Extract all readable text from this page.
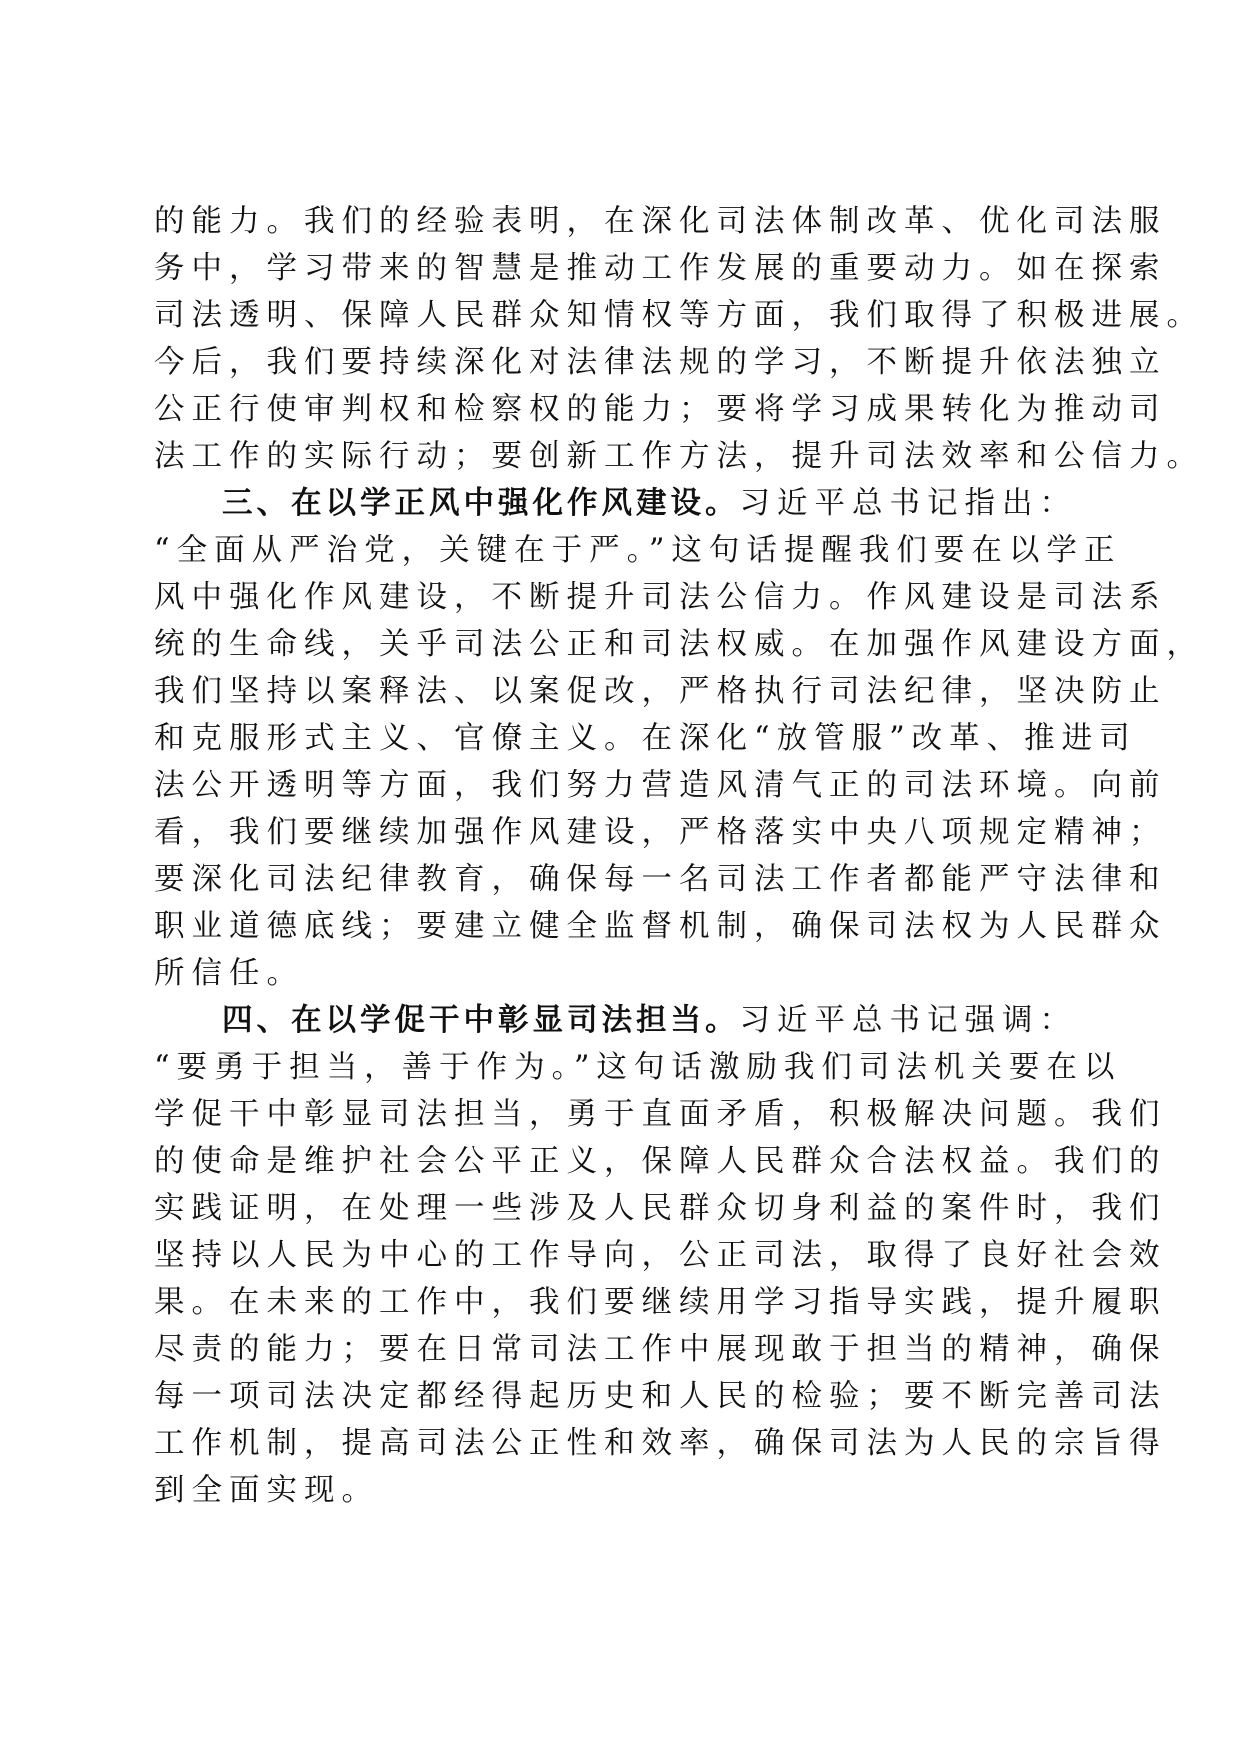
的能力。我们的经验表明，在深化司法体制改革、优化司法服
务中，学习带来的智慧是推动工作发展的重要动力。如在探索
司法透明、保障人民群众知情权等方面，我们取得了积极进展。
今后，我们要持续深化对法律法规的学习，不断提升依法独立
公正行使审判权和检察权的能力；要将学习成果转化为推动司
法工作的实际行动；要创新工作方法，提升司法效率和公信力。
三、在以学正风中强化作风建设。习近平总书记指出：
“全面从严治党，关键在于严。”这句话提醒我们要在以学正
风中强化作风建设，不断提升司法公信力。作风建设是司法系
统的生命线，关乎司法公正和司法权威。在加强作风建设方面，
我们坚持以案释法、以案促改，严格执行司法纪律，坚决防止
和克服形式主义、官僚主义。在深化“放管服”改革、推进司
法公开透明等方面，我们努力营造风清气正的司法环境。向前
看，我们要继续加强作风建设，严格落实中央八项规定精神；
要深化司法纪律教育，确保每一名司法工作者都能严守法律和
职业道德底线；要建立健全监督机制，确保司法权为人民群众
所信任。
四、在以学促干中彰显司法担当。习近平总书记强调：
“要勇于担当，善于作为。”这句话激励我们司法机关要在以
学促干中彰显司法担当，勇于直面矛盾，积极解决问题。我们
的使命是维护社会公平正义，保障人民群众合法权益。我们的
实践证明，在处理一些涉及人民群众切身利益的案件时，我们
坚持以人民为中心的工作导向，公正司法，取得了良好社会效
果。在未来的工作中，我们要继续用学习指导实践，提升履职
尽责的能力；要在日常司法工作中展现敢于担当的精神，确保
每一项司法决定都经得起历史和人民的检验；要不断完善司法
工作机制，提高司法公正性和效率，确保司法为人民的宗旨得
到全面实现。
